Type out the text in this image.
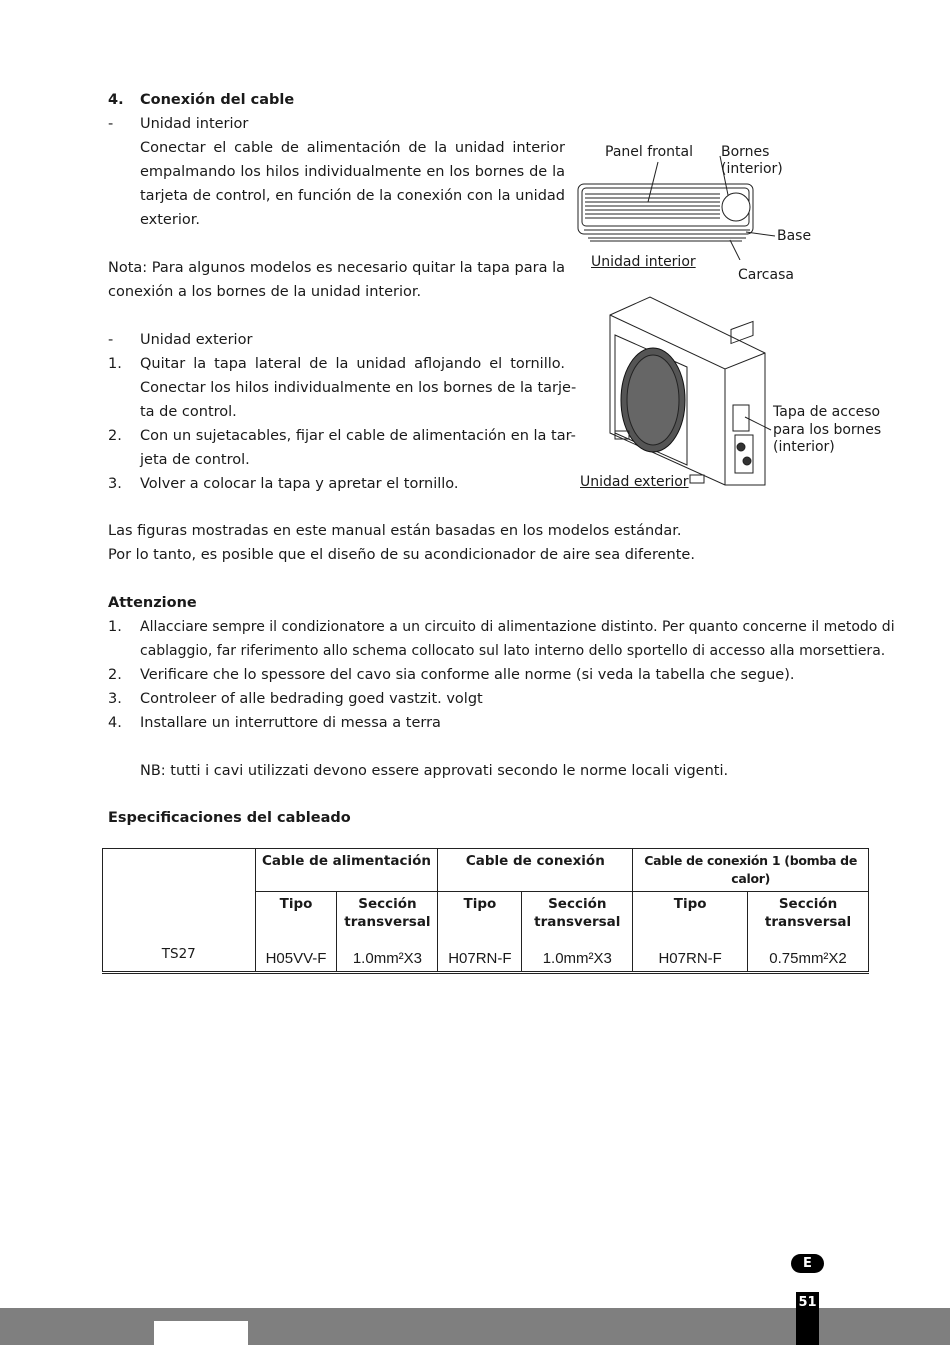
4. Conexión del cable
- Unidad interior
Conectar el cable de alimentación de la unidad interior
empalmando los hilos individualmente en los bornes de la
tarjeta de control, en función de la conexión con la unidad
exterior.
Nota: Para algunos modelos es necesario quitar la tapa para la
conexión a los bornes de la unidad interior.
- Unidad exterior
1. Quitar la tapa lateral de la unidad aflojando el tornillo.
Conectar los hilos individualmente en los bornes de la tarje-
ta de control.
2. Con un sujetacables, fijar el cable de alimentación en la tar-
jeta de control.
3. Volver a colocar la tapa y apretar el tornillo.
Las figuras mostradas en este manual están basadas en los modelos estándar.
Por lo tanto, es posible que el diseño de su acondicionador de aire sea diferente.
Panel frontal Bornes
(interior)
Base
Unidad interior
Carcasa
Tapa de acceso
para los bornes
(interior)
Unidad exterior
Attenzione
1. Allacciare sempre il condizionatore a un circuito di alimentazione distinto. Per quanto concerne il metodo di
cablaggio, far riferimento allo schema collocato sul lato interno dello sportello di accesso alla morsettiera.
2. Verificare che lo spessore del cavo sia conforme alle norme (si veda la tabella che segue).
3. Controleer of alle bedrading goed vastzit. volgt
4. Installare un interruttore di messa a terra
NB: tutti i cavi utilizzati devono essere approvati secondo le norme locali vigenti.
Especificaciones del cableado
	Cable de alimentación		Cable de conexión		Cable de conexión 1 (bomba de calor)	
	Tipo	Sección transversal	Tipo	Sección transversal	Tipo	Sección transversal
TS27	H05VV-F	1.0mm²X3	H07RN-F	1.0mm²X3	H07RN-F	0.75mm²X2
E
51
